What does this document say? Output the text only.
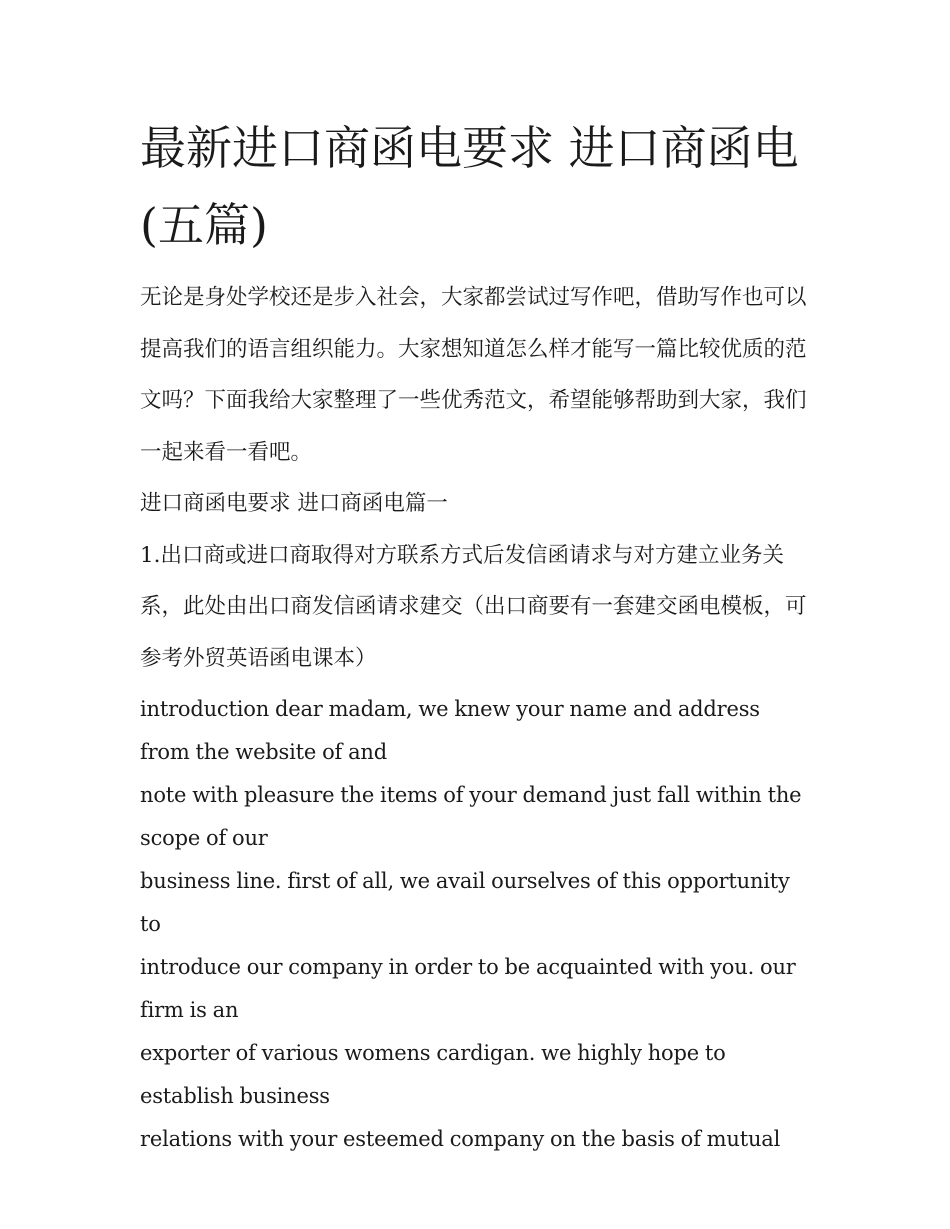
最新进口商函电要求 进口商函电(五篇)

无论是身处学校还是步入社会，大家都尝试过写作吧，借助写作也可以提高我们的语言组织能力。大家想知道怎么样才能写一篇比较优质的范文吗？下面我给大家整理了一些优秀范文，希望能够帮助到大家，我们一起来看一看吧。

进口商函电要求 进口商函电篇一

1.出口商或进口商取得对方联系方式后发信函请求与对方建立业务关系，此处由出口商发信函请求建交（出口商要有一套建交函电模板，可参考外贸英语函电课本）

introduction dear madam, we knew your name and address from the website of and

note with pleasure the items of your demand just fall within the scope of our

business line. first of all, we avail ourselves of this opportunity to

introduce our company in order to be acquainted with you. our firm is an

exporter of various womens cardigan. we highly hope to establish business

relations with your esteemed company on the basis of mutual
